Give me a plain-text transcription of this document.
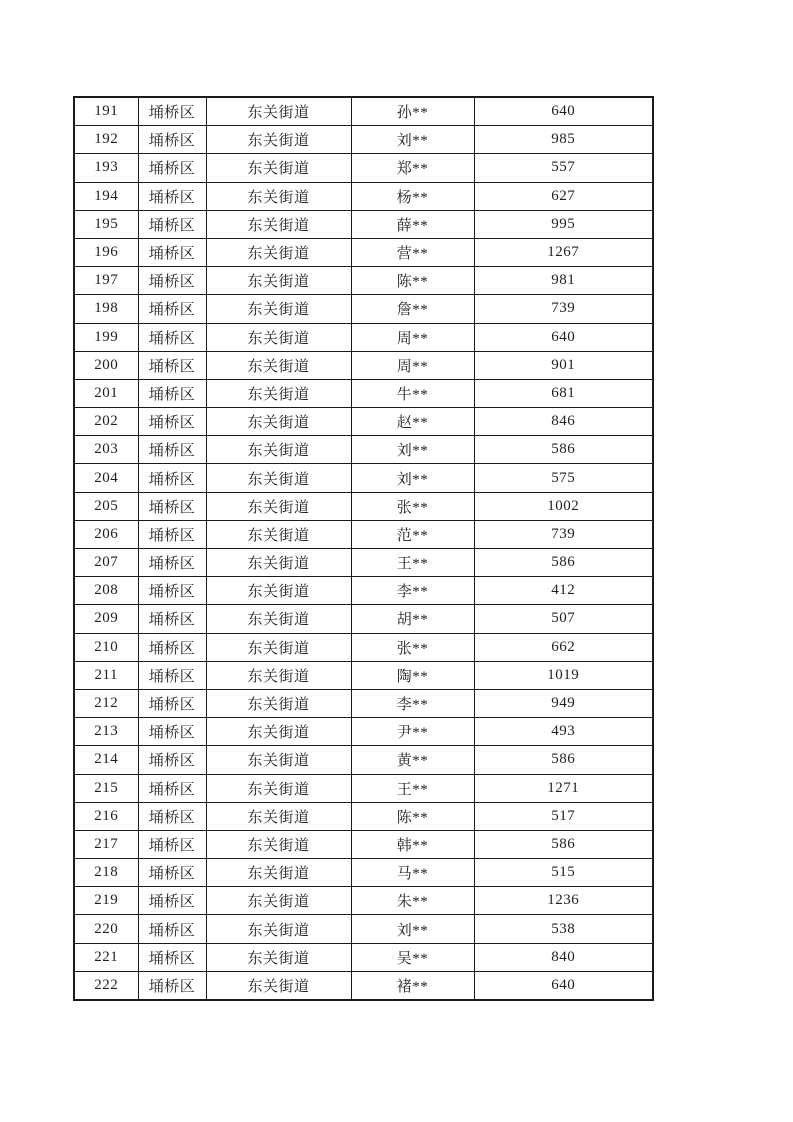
191	埇桥区	东关街道	孙**	640
192	埇桥区	东关街道	刘**	985
193	埇桥区	东关街道	郑**	557
194	埇桥区	东关街道	杨**	627
195	埇桥区	东关街道	薛**	995
196	埇桥区	东关街道	营**	1267
197	埇桥区	东关街道	陈**	981
198	埇桥区	东关街道	詹**	739
199	埇桥区	东关街道	周**	640
200	埇桥区	东关街道	周**	901
201	埇桥区	东关街道	牛**	681
202	埇桥区	东关街道	赵**	846
203	埇桥区	东关街道	刘**	586
204	埇桥区	东关街道	刘**	575
205	埇桥区	东关街道	张**	1002
206	埇桥区	东关街道	范**	739
207	埇桥区	东关街道	王**	586
208	埇桥区	东关街道	李**	412
209	埇桥区	东关街道	胡**	507
210	埇桥区	东关街道	张**	662
211	埇桥区	东关街道	陶**	1019
212	埇桥区	东关街道	李**	949
213	埇桥区	东关街道	尹**	493
214	埇桥区	东关街道	黄**	586
215	埇桥区	东关街道	王**	1271
216	埇桥区	东关街道	陈**	517
217	埇桥区	东关街道	韩**	586
218	埇桥区	东关街道	马**	515
219	埇桥区	东关街道	朱**	1236
220	埇桥区	东关街道	刘**	538
221	埇桥区	东关街道	吴**	840
222	埇桥区	东关街道	褚**	640
